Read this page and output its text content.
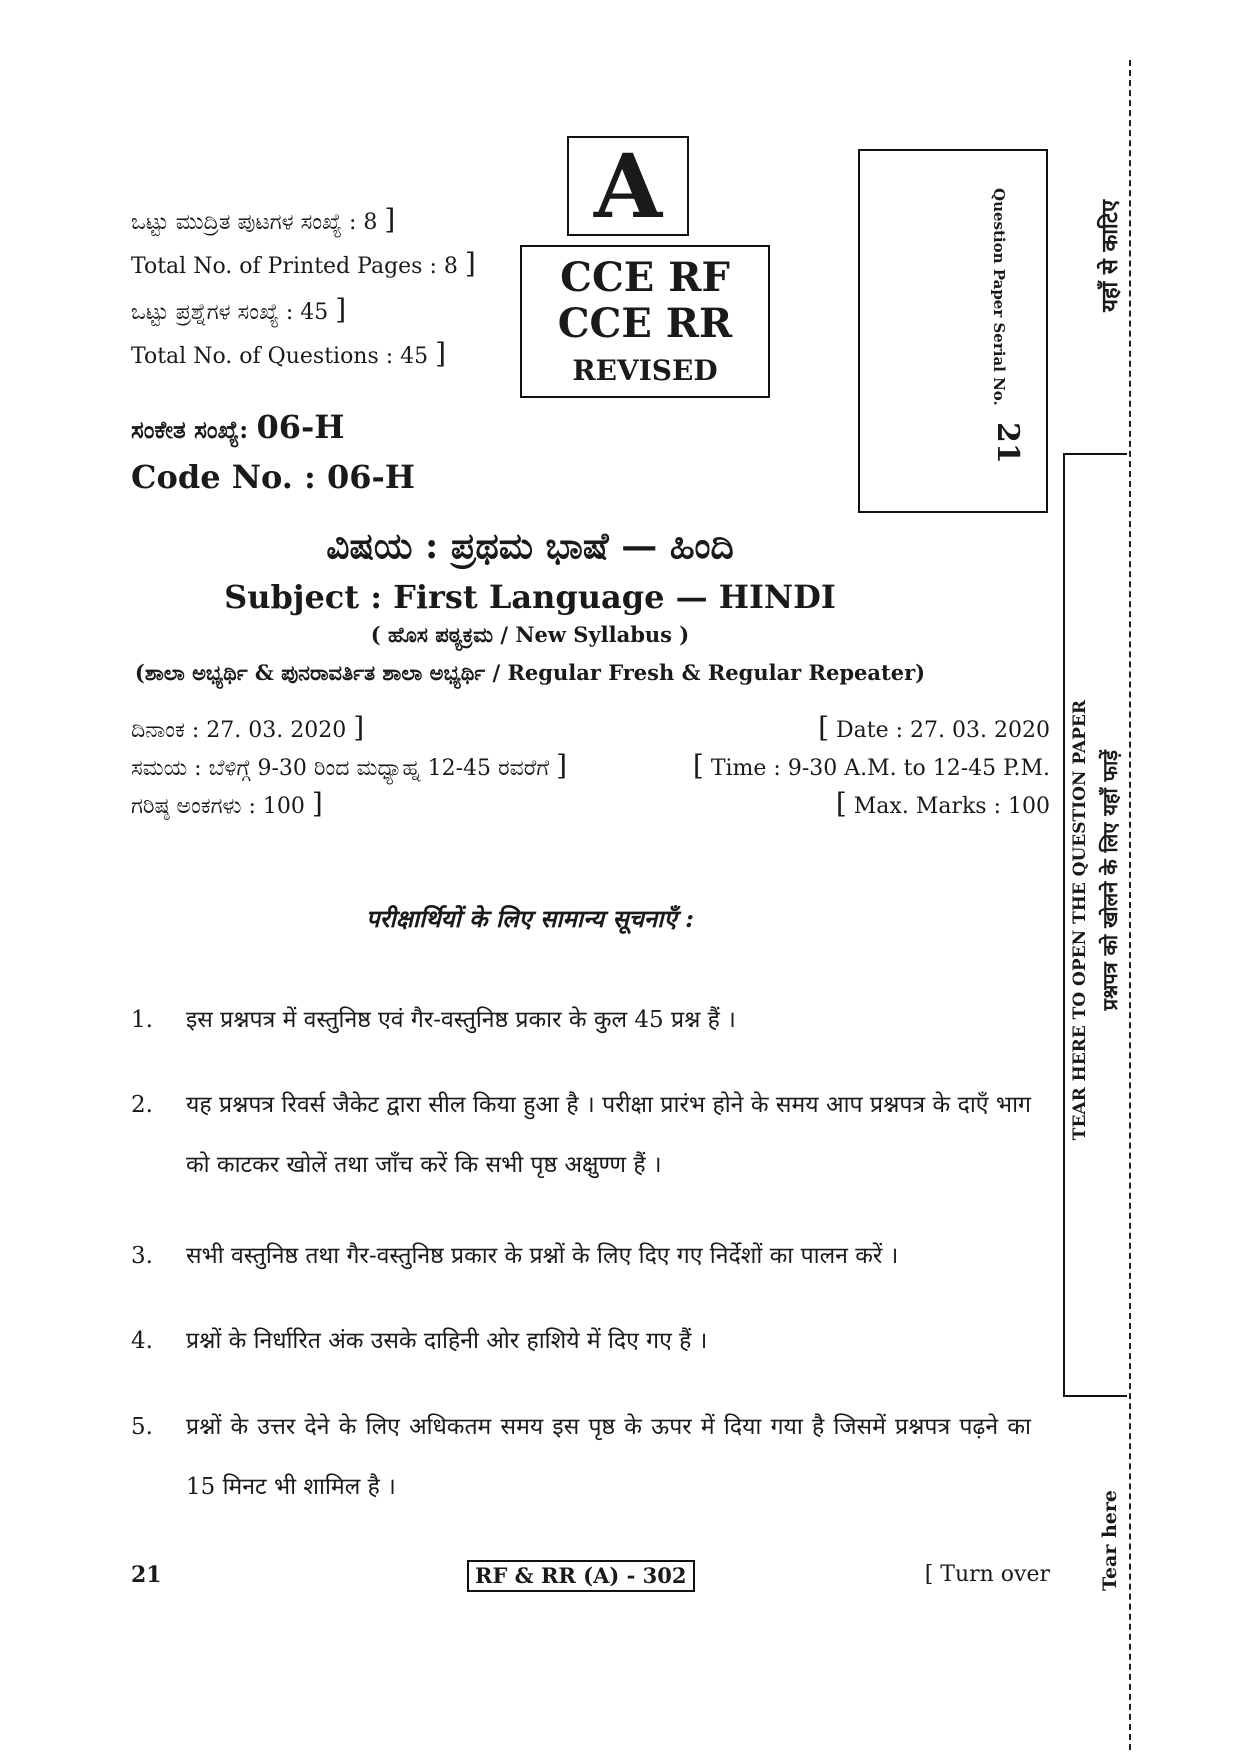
ಒಟ್ಟು ಮುದ್ರಿತ ಪುಟಗಳ ಸಂಖ್ಯೆ : 8 ]
Total No. of Printed Pages : 8 ]
ಒಟ್ಟು ಪ್ರಶ್ನೆಗಳ ಸಂಖ್ಯೆ : 45 ]
Total No. of Questions : 45 ]
A
CCE RF
CCE RR
REVISED	Question Paper Serial No.
21
ಸಂಕೇತ ಸಂಖ್ಯೆ: 06-H
Code No. : 06-H
ವಿಷಯ : ಪ್ರಥಮ ಭಾಷೆ — ಹಿಂದಿ
Subject : First Language — HINDI
( ಹೊಸ ಪಠ್ಯಕ್ರಮ / New Syllabus )
(ಶಾಲಾ ಅಭ್ಯರ್ಥಿ & ಪುನರಾವರ್ತಿತ ಶಾಲಾ ಅಭ್ಯರ್ಥಿ / Regular Fresh & Regular Repeater)
ದಿನಾಂಕ : 27. 03. 2020 ]
ಸಮಯ : ಬೆಳಿಗ್ಗೆ 9-30 ರಿಂದ ಮಧ್ಯಾಹ್ನ 12-45 ರವರೆಗೆ ]
ಗರಿಷ್ಠ ಅಂಕಗಳು : 100 ]
[ Date : 27. 03. 2020
[ Time : 9-30 A.M. to 12-45 P.M.
[ Max. Marks : 100
परीक्षार्थियों के लिए सामान्य सूचनाएँ :
1.	इस प्रश्नपत्र में वस्तुनिष्ठ एवं गैर-वस्तुनिष्ठ प्रकार के कुल 45 प्रश्न हैं ।
2.	यह प्रश्नपत्र रिवर्स जैकेट द्वारा सील किया हुआ है । परीक्षा प्रारंभ होने के समय आप प्रश्नपत्र के दाएँ भाग को काटकर खोलें तथा जाँच करें कि सभी पृष्ठ अक्षुण्ण हैं ।
3.	सभी वस्तुनिष्ठ तथा गैर-वस्तुनिष्ठ प्रकार के प्रश्नों के लिए दिए गए निर्देशों का पालन करें ।
4.	प्रश्नों के निर्धारित अंक उसके दाहिनी ओर हाशिये में दिए गए हैं ।
5.	प्रश्नों के उत्तर देने के लिए अधिकतम समय इस पृष्ठ के ऊपर में दिया गया है जिसमें प्रश्नपत्र पढ़ने का 15 मिनट भी शामिल है ।
21	RF & RR (A) - 302	[ Turn over
यहाँ से काटिए
TEAR HERE TO OPEN THE QUESTION PAPER प्रश्नपत्र को खोलने के लिए यहाँ फाड़ें
Tear here
